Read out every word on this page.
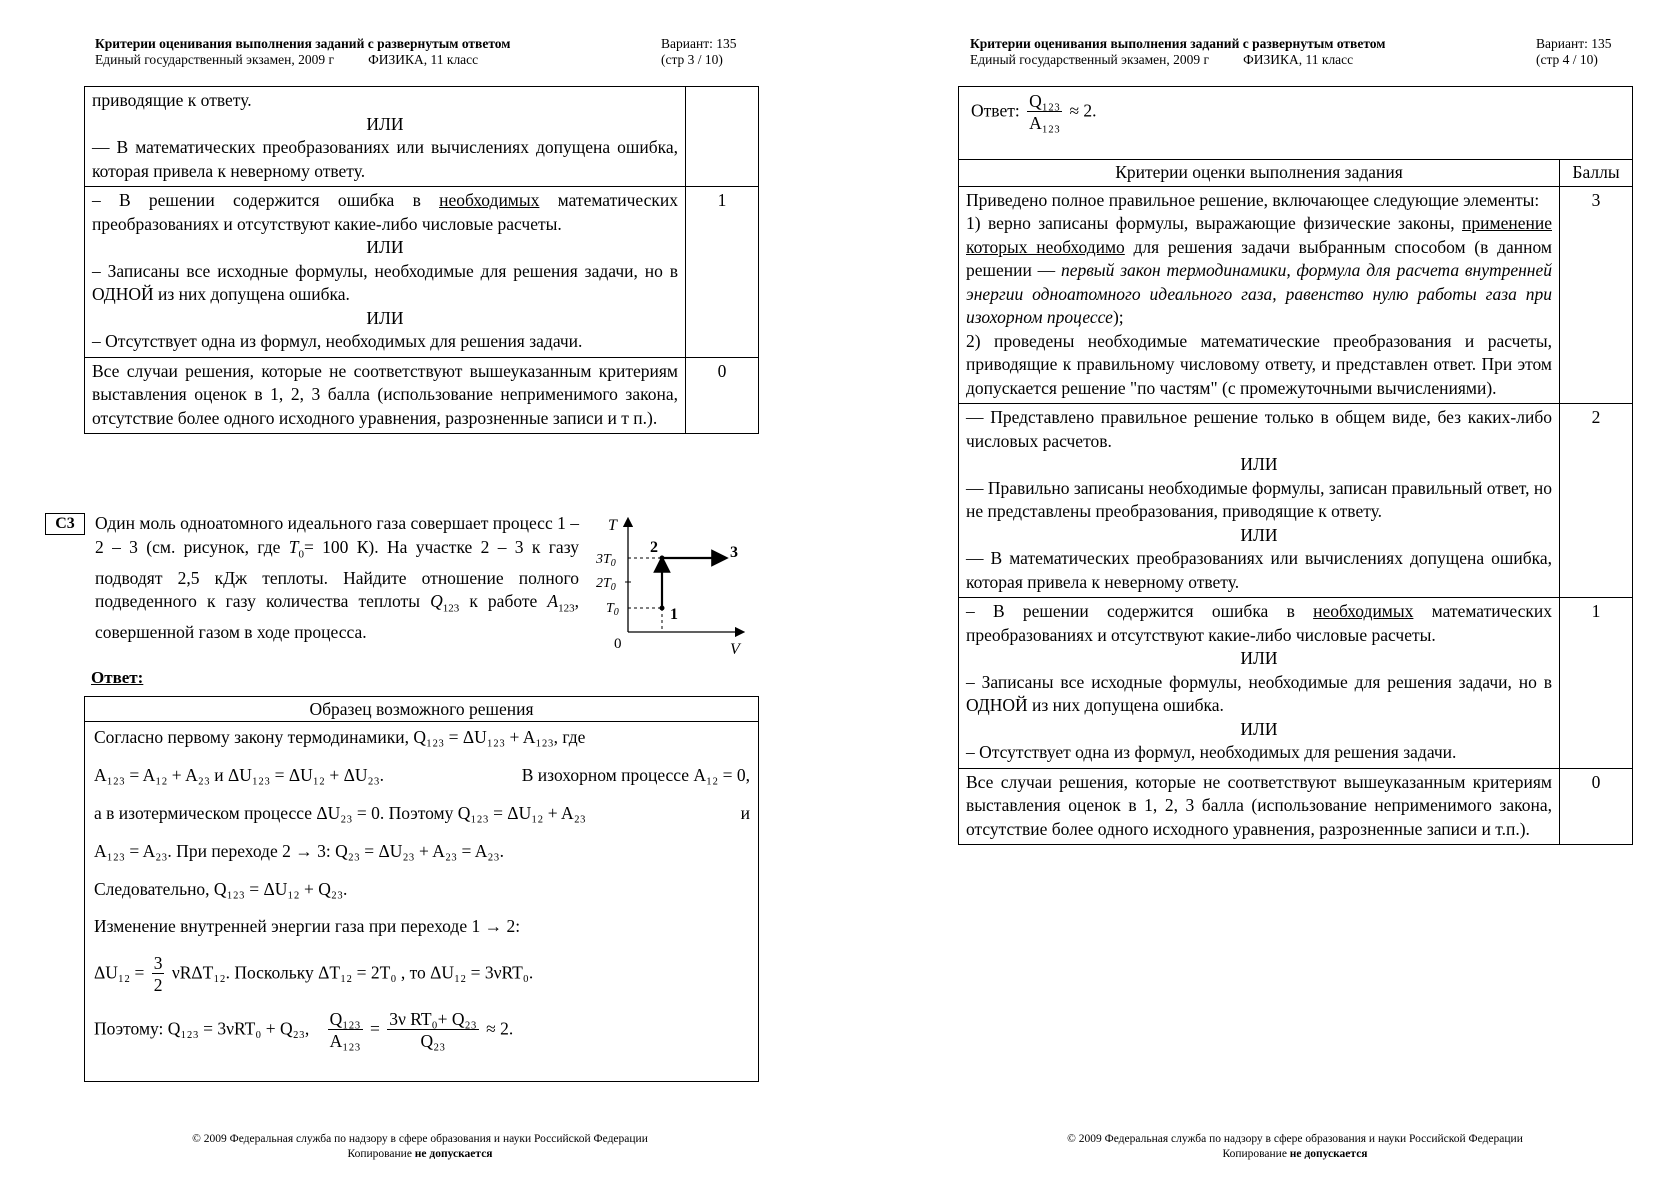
Критерии оценивания выполнения заданий с развернутым ответом
Единый государственный экзамен, 2009 г	ФИЗИКА, 11 класс
Вариант: 135
(стр 3 / 10)
приводящие к ответу.
ИЛИ
— В математических преобразованиях или вычислениях допущена ошибка, которая привела к неверному ответу.	

– В решении содержится ошибка в необходимых математических преобразованиях и отсутствуют какие-либо числовые расчеты.
ИЛИ
– Записаны все исходные формулы, необходимые для решения задачи, но в ОДНОЙ из них допущена ошибка.
ИЛИ
– Отсутствует одна из формул, необходимых для решения задачи.	1
Все случаи решения, которые не соответствуют вышеуказанным критериям выставления оценок в 1, 2, 3 балла (использование неприменимого закона, отсутствие более одного исходного уравнения, разрозненные записи и т п.).	0
С3	Один моль одноатомного идеального газа совершает процесс 1 – 2 – 3 (см. рисунок, где $T_0= 100$ К). На участке 2 – 3 к газу подводят 2,5 кДж теплоты. Найдите отношение полного подведенного к газу количества теплоты $Q_{123}$ к работе $A_{123}$, совершенной газом в ходе процесса.
T
V
0
$3T_0$
$2T_0$
$T_0$	1
2	3
Ответ:
Образец возможного решения
Согласно первому закону термодинамики, Q₁₂₃ = ΔU₁₂₃ + A₁₂₃, где
A₁₂₃ = A₁₂ + A₂₃ и ΔU₁₂₃ = ΔU₁₂ + ΔU₂₃.	В изохорном процессе A₁₂ = 0,
а в изотермическом процессе ΔU₂₃ = 0. Поэтому Q₁₂₃ = ΔU₁₂ + A₂₃	и
A₁₂₃ = A₂₃. При переходе 2 → 3: Q₂₃ = ΔU₂₃ + A₂₃ = A₂₃.
Следовательно, Q₁₂₃ = ΔU₁₂ + Q₂₃.
Изменение внутренней энергии газа при переходе 1 → 2:
$\Delta U_{12} = \frac{3}{2} \nu R\Delta T_{12}$. Поскольку ΔT₁₂ = 2T₀ , то ΔU₁₂ = 3νRT₀.
Поэтому: Q₁₂₃ = 3νRT₀ + Q₂₃, $\frac{\text{Q₁₂₃}}{\text{A₁₂₃}} = \frac{\text{3ν RT₀+ Q₂₃}}{\text{Q₂₃}} \approx 2$.
© 2009 Федеральная служба по надзору в сфере образования и науки Российской Федерации
Копирование не допускается
Критерии оценивания выполнения заданий с развернутым ответом
Единый государственный экзамен, 2009 г	ФИЗИКА, 11 класс
Вариант: 135
(стр 4 / 10)
Ответ: $\frac{\text{Q₁₂₃}}{\text{A₁₂₃}} \approx 2$.	
Критерии оценки выполнения задания	Баллы

Приведено полное правильное решение, включающее следующие элементы:
1) верно записаны формулы, выражающие физические законы, применение которых необходимо для решения задачи выбранным способом (в данном решении — первый закон термодинамики, формула для расчета внутренней энергии одноатомного идеального газа, равенство нулю работы газа при изохорном процессе);
2) проведены необходимые математические преобразования и расчеты, приводящие к правильному числовому ответу, и представлен ответ. При этом допускается решение "по частям" (с промежуточными вычислениями).	3

— Представлено правильное решение только в общем виде, без каких-либо числовых расчетов.
ИЛИ
— Правильно записаны необходимые формулы, записан правильный ответ, но не представлены преобразования, приводящие к ответу.
ИЛИ
— В математических преобразованиях или вычислениях допущена ошибка, которая привела к неверному ответу.	2

– В решении содержится ошибка в необходимых математических преобразованиях и отсутствуют какие-либо числовые расчеты.
ИЛИ
– Записаны все исходные формулы, необходимые для решения задачи, но в ОДНОЙ из них допущена ошибка.
ИЛИ
– Отсутствует одна из формул, необходимых для решения задачи.	1
Все случаи решения, которые не соответствуют вышеуказанным критериям выставления оценок в 1, 2, 3 балла (использование неприменимого закона, отсутствие более одного исходного уравнения, разрозненные записи и т.п.).	0
© 2009 Федеральная служба по надзору в сфере образования и науки Российской Федерации
Копирование не допускается
